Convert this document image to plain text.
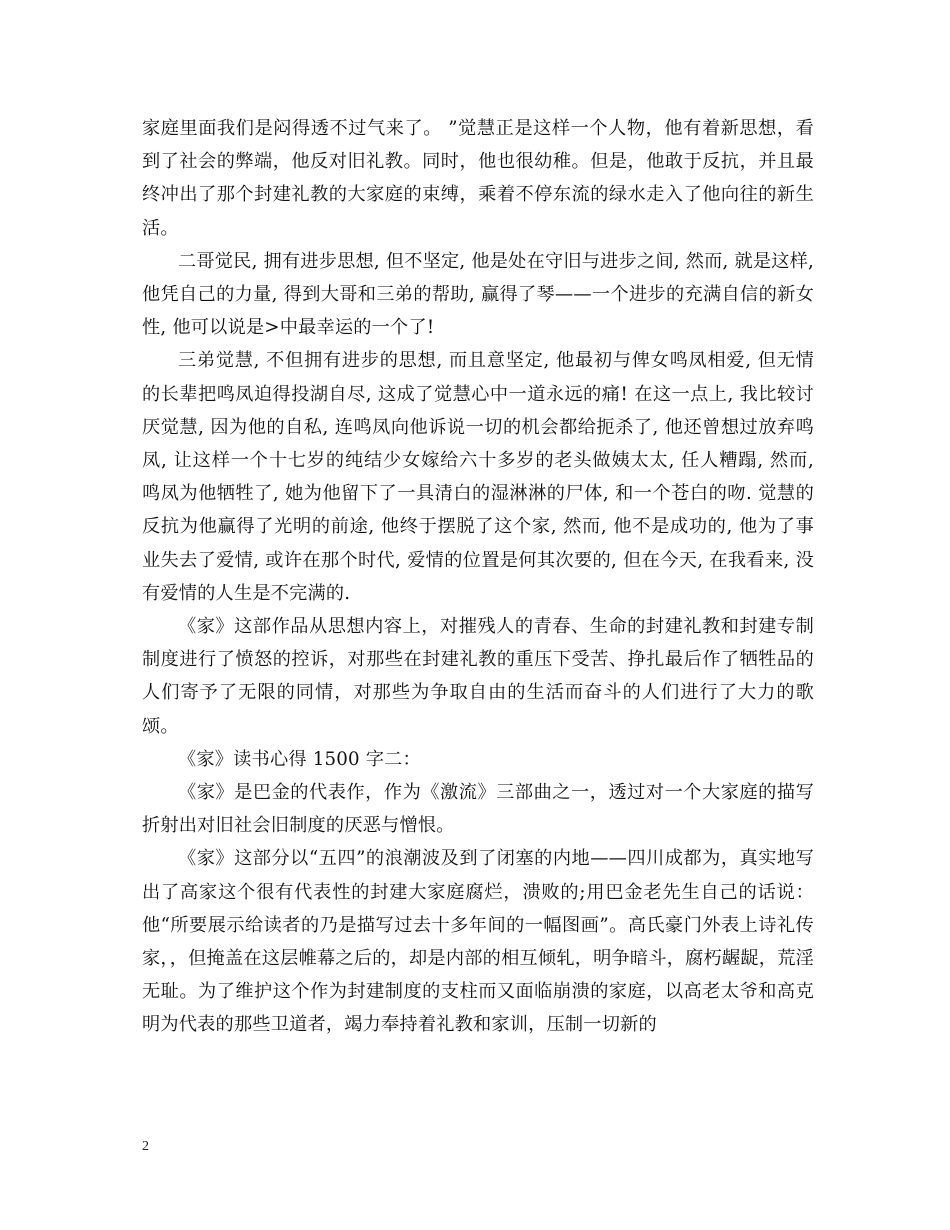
家庭里面我们是闷得透不过气来了。 ”觉慧正是这样一个人物，他有着新思想，看到了社会的弊端，他反对旧礼教。同时，他也很幼稚。但是，他敢于反抗，并且最终冲出了那个封建礼教的大家庭的束缚，乘着不停东流的绿水走入了他向往的新生活。

二哥觉民, 拥有进步思想, 但不坚定, 他是处在守旧与进步之间, 然而, 就是这样, 他凭自己的力量, 得到大哥和三弟的帮助, 赢得了琴——一个进步的充满自信的新女性, 他可以说是>中最幸运的一个了!

三弟觉慧, 不但拥有进步的思想, 而且意坚定, 他最初与俾女鸣凤相爱, 但无情的长辈把鸣凤迫得投湖自尽, 这成了觉慧心中一道永远的痛! 在这一点上, 我比较讨厌觉慧, 因为他的自私, 连鸣凤向他诉说一切的机会都给扼杀了, 他还曾想过放弃鸣凤, 让这样一个十七岁的纯结少女嫁给六十多岁的老头做姨太太, 任人糟蹋, 然而, 鸣凤为他牺牲了, 她为他留下了一具清白的湿淋淋的尸体, 和一个苍白的吻. 觉慧的反抗为他赢得了光明的前途, 他终于摆脱了这个家, 然而, 他不是成功的, 他为了事业失去了爱情, 或许在那个时代, 爱情的位置是何其次要的, 但在今天, 在我看来, 没有爱情的人生是不完满的.

《家》这部作品从思想内容上，对摧残人的青春、生命的封建礼教和封建专制制度进行了愤怒的控诉，对那些在封建礼教的重压下受苦、挣扎最后作了牺牲品的人们寄予了无限的同情，对那些为争取自由的生活而奋斗的人们进行了大力的歌颂。

《家》读书心得 1500 字二：

《家》是巴金的代表作，作为《激流》三部曲之一，透过对一个大家庭的描写折射出对旧社会旧制度的厌恶与憎恨。

《家》这部分以“五四”的浪潮波及到了闭塞的内地——四川成都为，真实地写出了高家这个很有代表性的封建大家庭腐烂，溃败的;用巴金老先生自己的话说：他“所要展示给读者的乃是描写过去十多年间的一幅图画”。高氏豪门外表上诗礼传家，，但掩盖在这层帷幕之后的，却是内部的相互倾轧，明争暗斗，腐朽龌龊，荒淫无耻。为了维护这个作为封建制度的支柱而又面临崩溃的家庭，以高老太爷和高克明为代表的那些卫道者，竭力奉持着礼教和家训，压制一切新的

2
